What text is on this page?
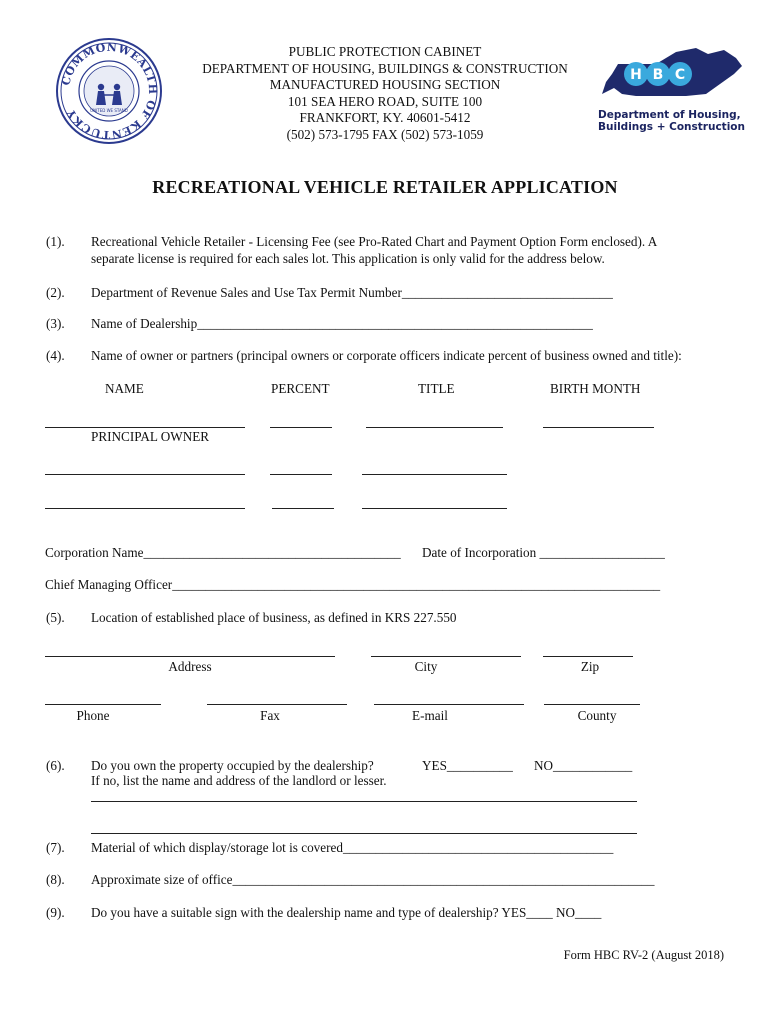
COMMONWEALTH OF KENTUCKY	UNITED WE STAND
PUBLIC PROTECTION CABINET
DEPARTMENT OF HOUSING, BUILDINGS & CONSTRUCTION
MANUFACTURED HOUSING SECTION
101 SEA HERO ROAD, SUITE 100
FRANKFORT, KY. 40601-5412
(502) 573-1795 FAX (502) 573-1059
H B C
Department of Housing,
Buildings + Construction
RECREATIONAL VEHICLE RETAILER APPLICATION
(1). Recreational Vehicle Retailer - Licensing Fee (see Pro-Rated Chart and Payment Option Form enclosed). A
separate license is required for each sales lot. This application is only valid for the address below.
(2). Department of Revenue Sales and Use Tax Permit Number________________________________
(3). Name of Dealership____________________________________________________________
(4). Name of owner or partners (principal owners or corporate officers indicate percent of business owned and title):
NAME	PERCENT	TITLE	BIRTH MONTH
PRINCIPAL OWNER
Corporation Name_______________________________________ Date of Incorporation ___________________
Chief Managing Officer__________________________________________________________________________
(5). Location of established place of business, as defined in KRS 227.550
Address	City	Zip
Phone	Fax	E-mail	County
(6). Do you own the property occupied by the dealership?	YES__________ NO____________
If no, list the name and address of the landlord or lesser.
(7). Material of which display/storage lot is covered_________________________________________
(8). Approximate size of office________________________________________________________________
(9). Do you have a suitable sign with the dealership name and type of dealership? YES____ NO____
Form HBC RV-2 (August 2018)
